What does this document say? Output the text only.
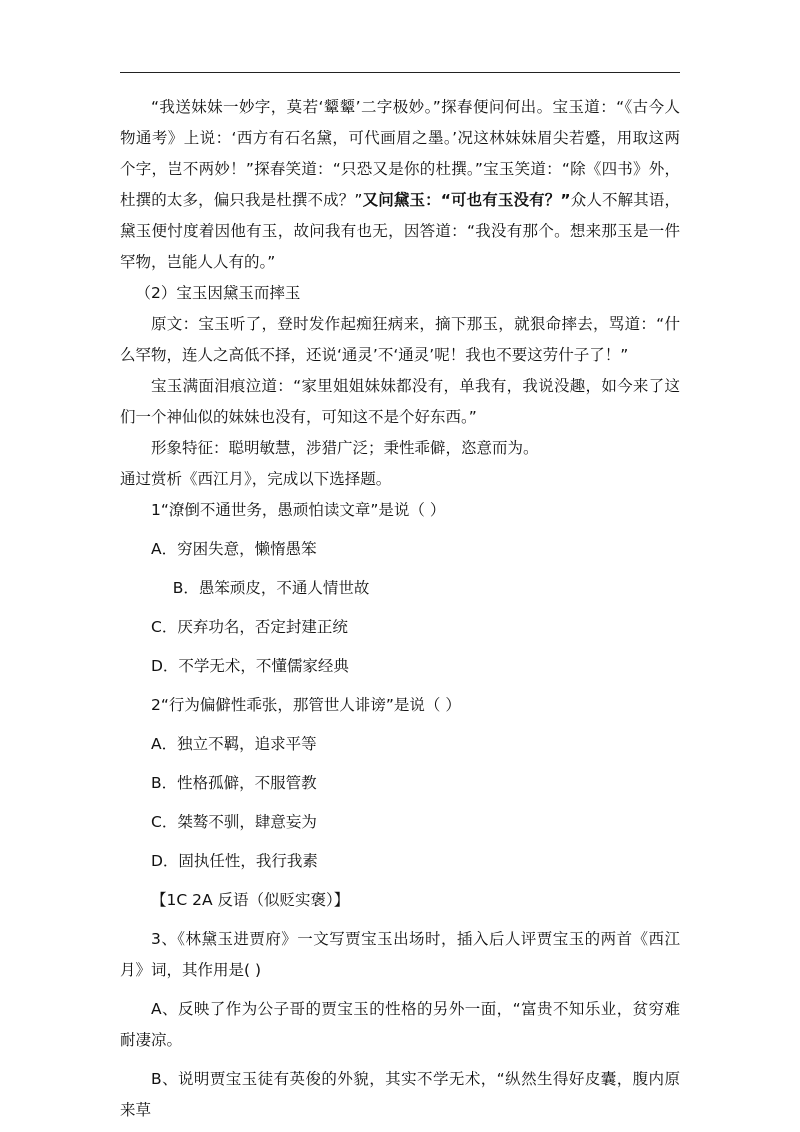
“我送妹妹一妙字，莫若‘颦颦’二字极妙。”探春便问何出。宝玉道：“《古今人物通考》上说：‘西方有石名黛，可代画眉之墨。’况这林妹妹眉尖若蹙，用取这两个字，岂不两妙！”探春笑道：“只恐又是你的杜撰。”宝玉笑道：“除《四书》外，杜撰的太多，偏只我是杜撰不成？”又问黛玉：“可也有玉没有？”众人不解其语，黛玉便忖度着因他有玉，故问我有也无，因答道：“我没有那个。想来那玉是一件罕物，岂能人人有的。”

（2）宝玉因黛玉而摔玉

原文：宝玉听了，登时发作起痴狂病来，摘下那玉，就狠命摔去，骂道：“什么罕物，连人之高低不择，还说‘通灵’不‘通灵’呢！我也不要这劳什子了！”

宝玉满面泪痕泣道：“家里姐姐妹妹都没有，单我有，我说没趣，如今来了这们一个神仙似的妹妹也没有，可知这不是个好东西。”

形象特征：聪明敏慧，涉猎广泛；秉性乖僻，恣意而为。

通过赏析《西江月》，完成以下选择题。

1“潦倒不通世务，愚顽怕读文章”是说（ ）

A．穷困失意，懒惰愚笨

B．愚笨顽皮，不通人情世故

C．厌弃功名，否定封建正统

D．不学无术，不懂儒家经典

2“行为偏僻性乖张，那管世人诽谤”是说（ ）

A．独立不羁，追求平等

B．性格孤僻，不服管教

C．桀骜不驯，肆意妄为

D．固执任性，我行我素

【1C 2A 反语（似贬实褒）】

3、《林黛玉进贾府》一文写贾宝玉出场时，插入后人评贾宝玉的两首《西江月》词，其作用是( )

A、反映了作为公子哥的贾宝玉的性格的另外一面，“富贵不知乐业，贫穷难耐凄凉。

B、说明贾宝玉徒有英俊的外貌，其实不学无术，“纵然生得好皮囊，腹内原来草
